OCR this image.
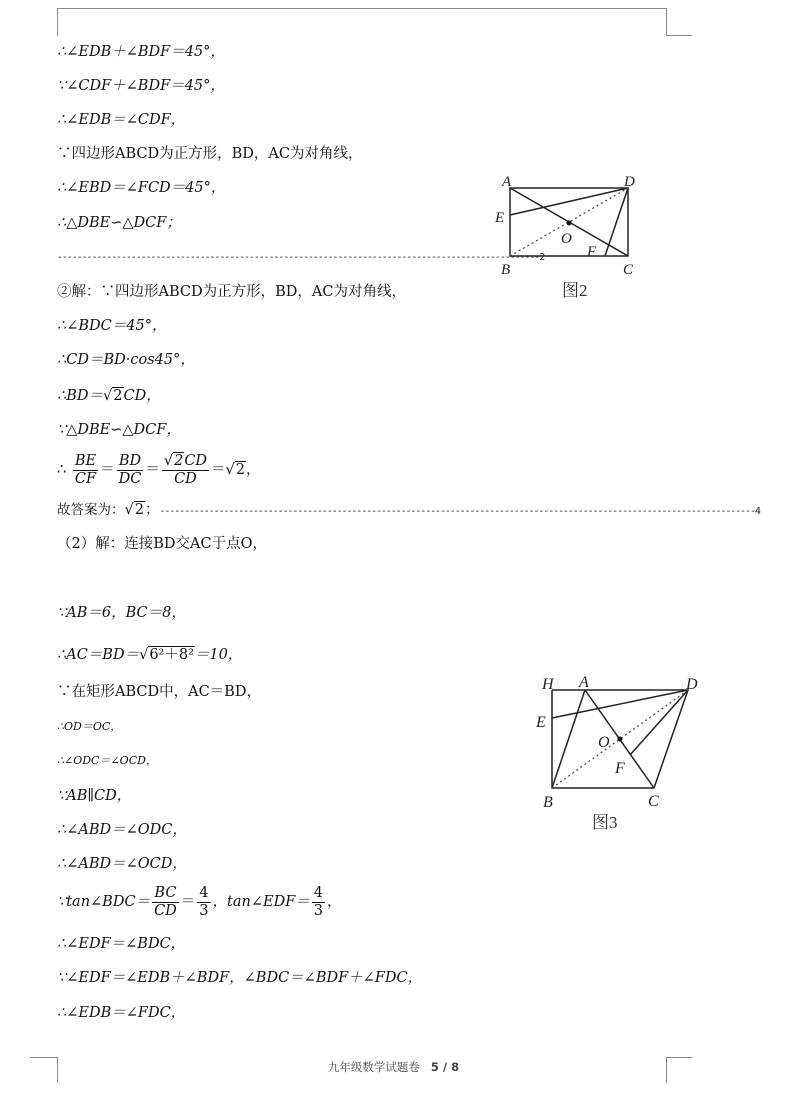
∴∠EDB＋∠BDF＝45°，
∵∠CDF＋∠BDF＝45°，
∴∠EDB＝∠CDF，
∵四边形ABCD为正方形，BD，AC为对角线，
∴∠EBD＝∠FCD＝45°，
∴△DBE∽△DCF；
--------------------------------------------------------------------------------------------------2
②解：∵四边形ABCD为正方形，BD，AC为对角线，
∴∠BDC＝45°，
∴CD＝BD·cos45°，
∴BD＝√2CD，
∵△DBE∽△DCF，
∴ $\frac{BE}{CF} = \frac{BD}{DC} = \frac{√2CD}{CD} =√2$，
故答案为：√2；-------------------------------------------------------------------------------------------------------------------------4
（2）解：连接BD交AC于点O，
∵AB＝6，BC＝8，
∴AC＝BD＝√6²＋8²＝10，
∵在矩形ABCD中，AC＝BD，
∴OD＝OC，
∴∠ODC＝∠OCD，
∵AB∥CD，
∴∠ABD＝∠ODC，
∴∠ABD＝∠OCD，
∵tan∠BDC＝ $\frac{BC}{CD} = \frac{4}{3}$ ，tan∠EDF＝ $\frac{4}{3}$ ，
∴∠EDF＝∠BDC，
∵∠EDF＝∠EDB＋∠BDF，∠BDC＝∠BDF＋∠FDC，
∴∠EDB＝∠FDC，
A	D
E
O
F
B	C
图2
H A	D
E
O
F
B	C
图3
九年级数学试题卷 5 / 8
